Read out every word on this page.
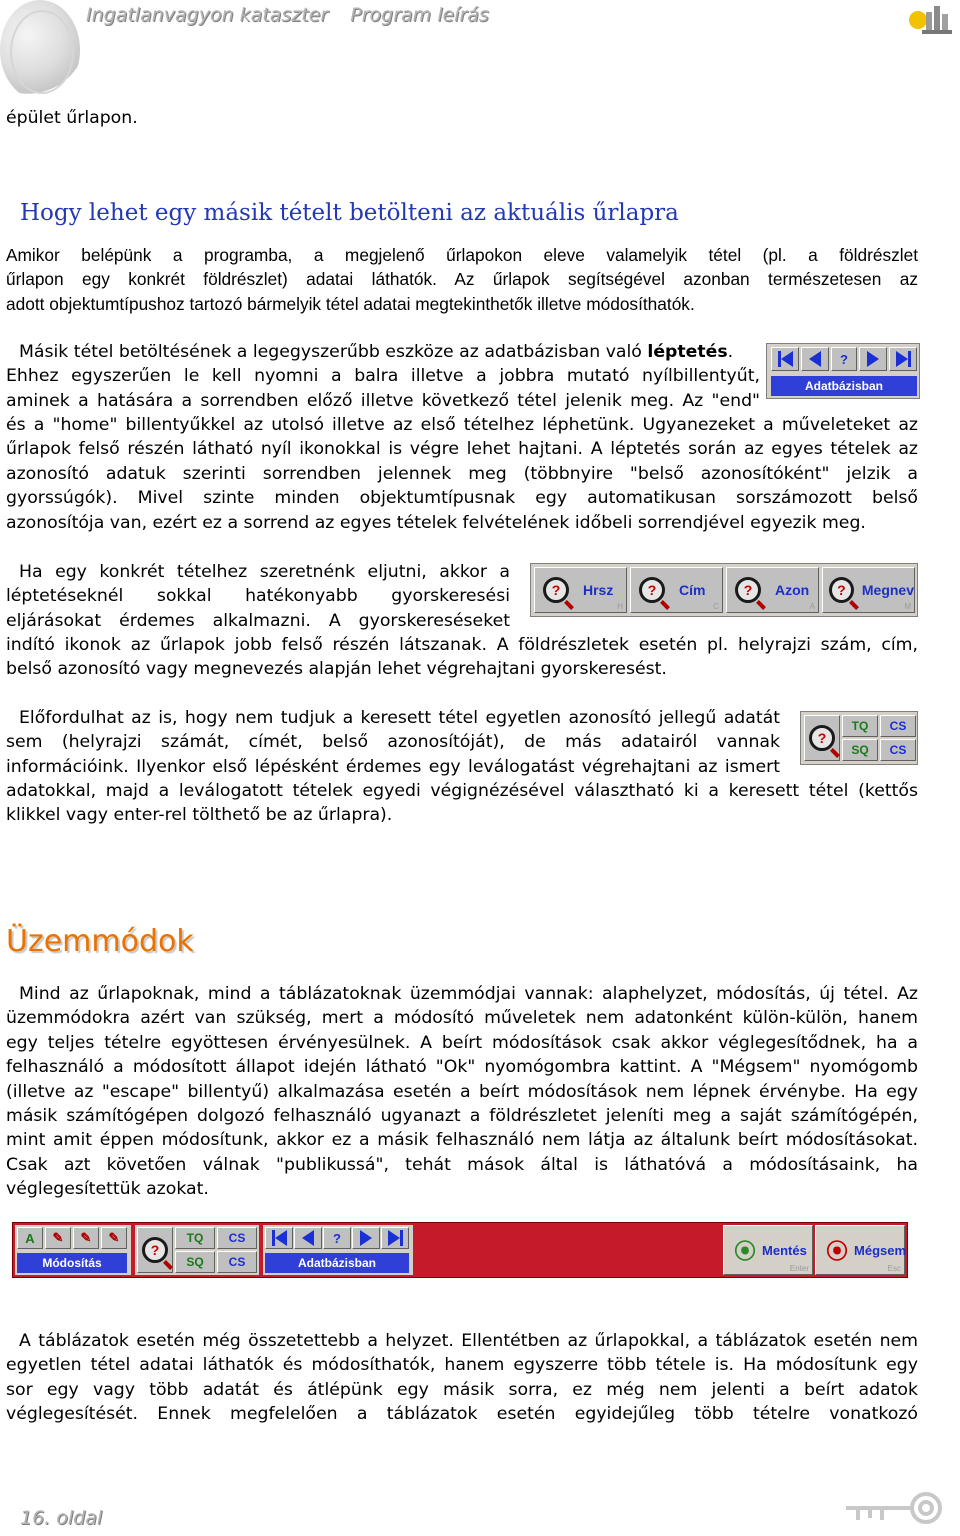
Ingatlanvagyon kataszter Program leírás
épület űrlapon.
Hogy lehet egy másik tételt betölteni az aktuális űrlapra
Amikor belépünk a programba, a megjelenő űrlapokon eleve valamelyik tétel (pl. a földrészlet
űrlapon egy konkrét földrészlet) adatai láthatók. Az űrlapok segítségével azonban természetesen az
adott objektumtípushoz tartozó bármelyik tétel adatai megtekinthetők illetve módosíthatók.
Másik tétel betöltésének a legegyszerűbb eszköze az adatbázisban való léptetés.
Ehhez egyszerűen le kell nyomni a balra illetve a jobbra mutató nyílbillentyűt,
aminek a hatására a sorrendben előző illetve következő tétel jelenik meg. Az "end"
és a "home" billentyűkkel az utolsó illetve az első tételhez léphetünk. Ugyanezeket a műveleteket az
űrlapok felső részén látható nyíl ikonokkal is végre lehet hajtani. A léptetés során az egyes tételek az
azonosító adatuk szerinti sorrendben jelennek meg (többnyire "belső azonosítóként" jelzik a
gyorssúgók). Mivel szinte minden objektumtípusnak egy automatikusan sorszámozott belső
azonosítója van, ezért ez a sorrend az egyes tételek felvételének időbeli sorrendjével egyezik meg.
?
Adatbázisban
Ha egy konkrét tételhez szeretnénk eljutni, akkor a
léptetéseknél sokkal hatékonyabb gyorskeresési
eljárásokat érdemes alkalmazni. A gyorskereséseket
indító ikonok az űrlapok jobb felső részén látszanak. A földrészletek esetén pl. helyrajzi szám, cím,
belső azonosító vagy megnevezés alapján lehet végrehajtani gyorskeresést.
?	Hrsz
H
?	Cím
C
?	Azon
A
?	Megnev
M
Előfordulhat az is, hogy nem tudjuk a keresett tétel egyetlen azonosító jellegű adatát
sem (helyrajzi számát, címét, belső azonosítóját), de más adatairól vannak
információink. Ilyenkor első lépésként érdemes egy leválogatást végrehajtani az ismert
adatokkal, majd a leválogatott tételek egyedi végignézésével választható ki a keresett tétel (kettős
klikkel vagy enter-rel tölthető be az űrlapra).
?
TQ CS
SQ CS
Üzemmódok
Mind az űrlapoknak, mind a táblázatoknak üzemmódjai vannak: alaphelyzet, módosítás, új tétel. Az
üzemmódokra azért van szükség, mert a módosító műveletek nem adatonként külön-külön, hanem
egy teljes tételre egyöttesen érvényesülnek. A beírt módosítások csak akkor véglegesítődnek, ha a
felhasználó a módosított állapot idején látható "Ok" nyomógombra kattint. A "Mégsem" nyomógomb
(illetve az "escape" billentyű) alkalmazása esetén a beírt módosítások nem lépnek érvénybe. Ha egy
másik számítógépen dolgozó felhasználó ugyanazt a földrészletet jeleníti meg a saját számítógépén,
mint amit éppen módosítunk, akkor ez a másik felhasználó nem látja az általunk beírt módosításokat.
Csak azt követően válnak "publikussá", tehát mások által is láthatóvá a módosításaink, ha
véglegesítettük azokat.
A ✎ ✎ ✎
Módosítás
?
TQ CS
SQ CS
?
Adatbázisban	⦿ Mentés
Enter
⦿ Mégsem
Esc
A táblázatok esetén még összetettebb a helyzet. Ellentétben az űrlapokkal, a táblázatok esetén nem
egyetlen tétel adatai láthatók és módosíthatók, hanem egyszerre több tétele is. Ha módosítunk egy
sor egy vagy több adatát és átlépünk egy másik sorra, ez még nem jelenti a beírt adatok
véglegesítését. Ennek megfelelően a táblázatok esetén egyidejűleg több tételre vonatkozó
16. oldal
